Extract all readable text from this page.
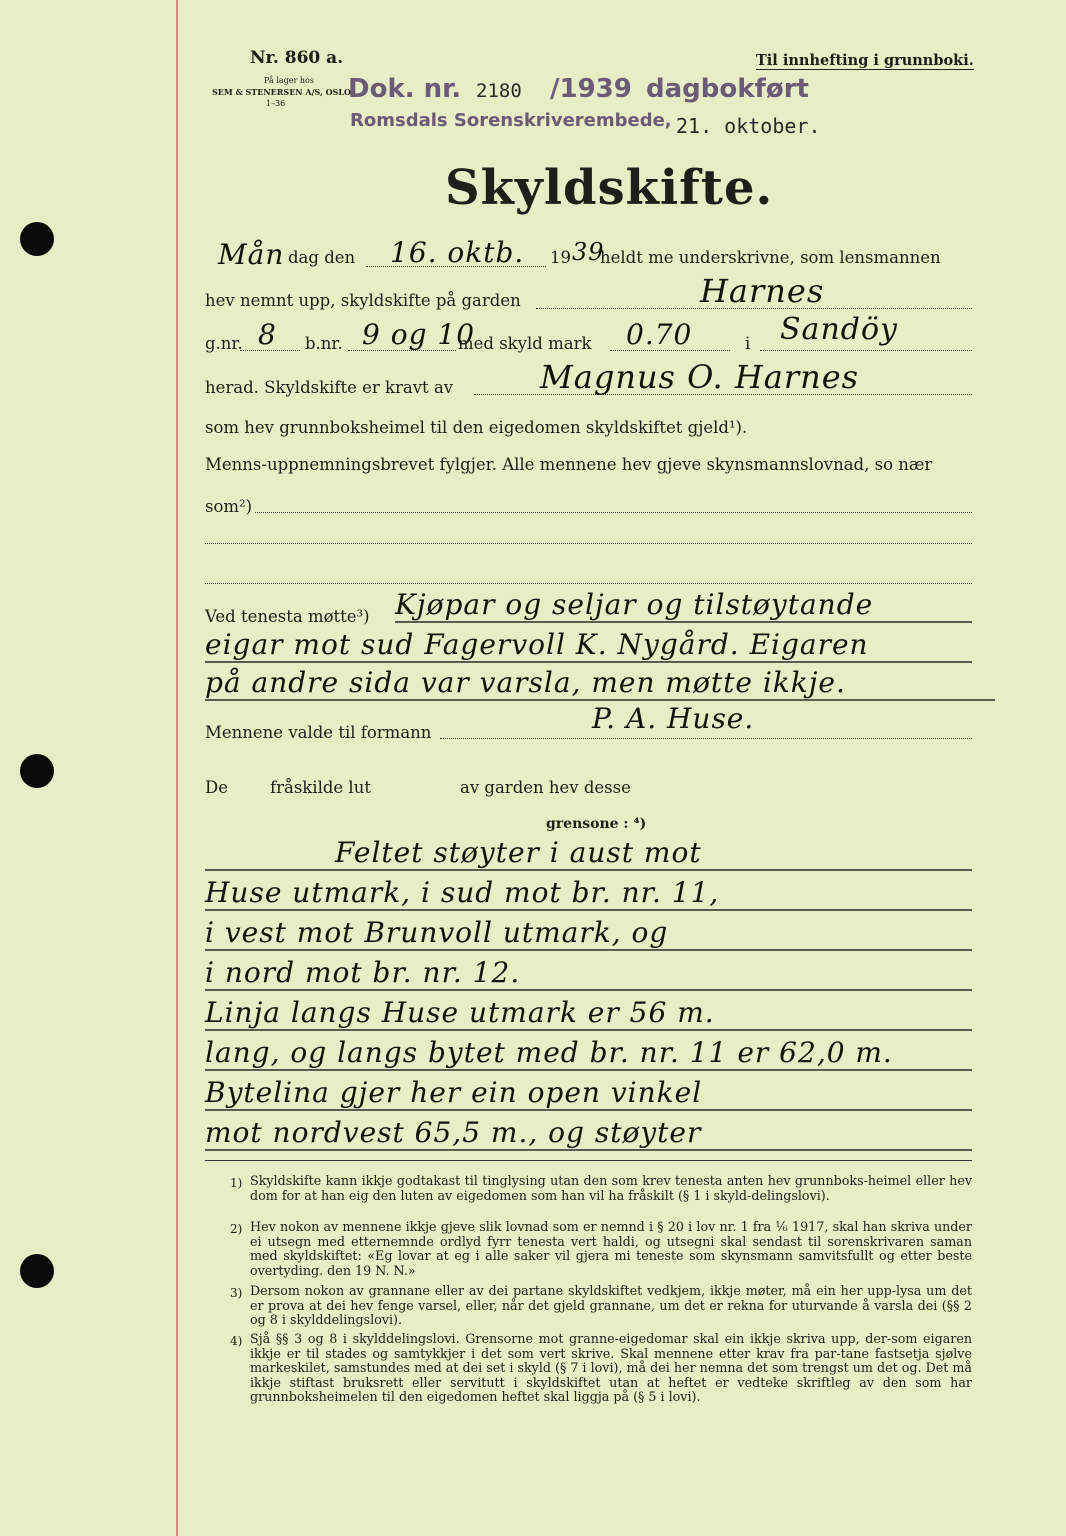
Nr. 860 a.
På lager hos
SEM & STENERSEN A/S, OSLO
1–36
Til innhefting i grunnboki.
Dok. nr. 2180 /1939 dagbokført
Romsdals Sorenskriverembede, 21. oktober.
Skyldskifte.
Mån dag den 16. oktb. 19 39
heldt me underskrivne, som lensmannen
hev nemnt upp, skyldskifte på garden	Harnes
g.nr. 8 b.nr. 9 og 10
med skyld mark 0.70	i Sandöy
herad. Skyldskifte er kravt av	Magnus O. Harnes
som hev grunnboksheimel til den eigedomen skyldskiftet gjeld¹).
Menns-uppnemningsbrevet fylgjer. Alle mennene hev gjeve skynsmannslovnad, so nær
som²)
Ved tenesta møtte³) Kjøpar og seljar og tilstøytande
eigar mot sud Fagervoll K. Nygård. Eigaren
på andre sida var varsla, men møtte ikkje.
Mennene valde til formann	P. A. Huse.
De	fråskilde lut	av garden hev desse
grensone : ⁴)
Feltet støyter i aust mot
Huse utmark, i sud mot br. nr. 11,
i vest mot Brunvoll utmark, og
i nord mot br. nr. 12.
Linja langs Huse utmark er 56 m.
lang, og langs bytet med br. nr. 11 er 62,0 m.
Bytelina gjer her ein open vinkel
mot nordvest 65,5 m., og støyter
1) Skyldskifte kann ikkje godtakast til tinglysing utan den som krev tenesta anten hev grunnboks-heimel eller hev dom for at han eig den luten av eigedomen som han vil ha fråskilt (§ 1 i skyld-delingslovi).
2) Hev nokon av mennene ikkje gjeve slik lovnad som er nemnd i § 20 i lov nr. 1 fra ⅙ 1917, skal han skriva under ei utsegn med etternemnde ordlyd fyrr tenesta vert haldi, og utsegni skal sendast til sorenskrivaren saman med skyldskiftet: «Eg lovar at eg i alle saker vil gjera mi teneste som skynsmann samvitsfullt og etter beste overtyding. den 19 N. N.»
3) Dersom nokon av grannane eller av dei partane skyldskiftet vedkjem, ikkje møter, må ein her upp-lysa um det er prova at dei hev fenge varsel, eller, når det gjeld grannane, um det er rekna for uturvande å varsla dei (§§ 2 og 8 i skylddelingslovi).
4) Sjå §§ 3 og 8 i skylddelingslovi. Grensorne mot granne-eigedomar skal ein ikkje skriva upp, der-som eigaren ikkje er til stades og samtykkjer i det som vert skrive. Skal mennene etter krav fra par-tane fastsetja sjølve markeskilet, samstundes med at dei set i skyld (§ 7 i lovi), må dei her nemna det som trengst um det og. Det må ikkje stiftast bruksrett eller servitutt i skyldskiftet utan at heftet er vedteke skriftleg av den som har grunnboksheimelen til den eigedomen heftet skal liggja på (§ 5 i lovi).
